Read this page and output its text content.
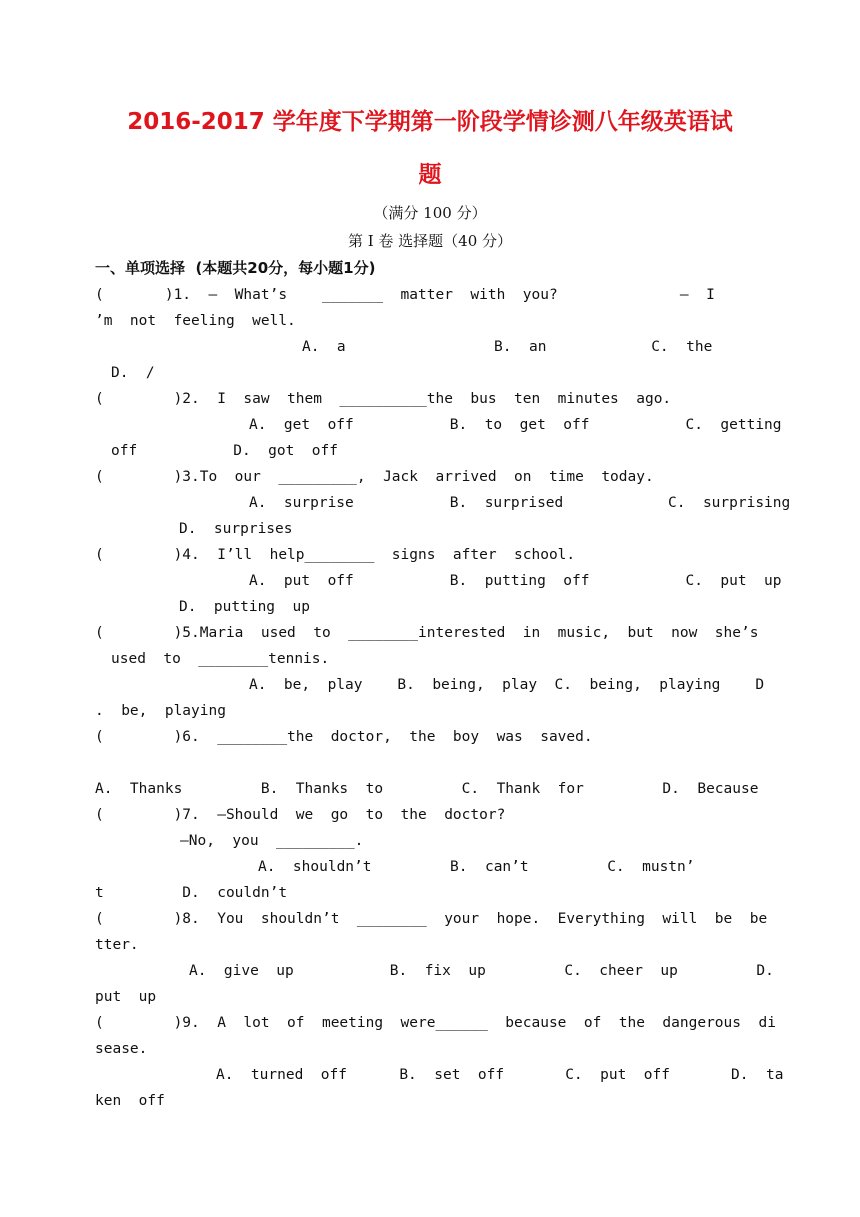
2016-2017 学年度下学期第一阶段学情诊测八年级英语试
题
（满分 100 分）
第 I 卷 选择题（40 分）
一、单项选择  (本题共20分，每小题1分)
(       )1.  —  What’s    _______  matter  with  you?              —  I
’m  not  feeling  well.
A.  a                 B.  an            C.  the
D.  /
(        )2.  I  saw  them  __________the  bus  ten  minutes  ago.
A.  get  off           B.  to  get  off           C.  getting
off           D.  got  off
(        )3.To  our  _________,  Jack  arrived  on  time  today.
A.  surprise           B.  surprised            C.  surprising
D.  surprises
(        )4.  I’ll  help________  signs  after  school.
A.  put  off           B.  putting  off           C.  put  up
D.  putting  up
(        )5.Maria  used  to  ________interested  in  music,  but  now  she’s
used  to  ________tennis.
A.  be,  play    B.  being,  play  C.  being,  playing    D
.  be,  playing
(        )6.  ________the  doctor,  the  boy  was  saved.
A.  Thanks         B.  Thanks  to         C.  Thank  for         D.  Because
(        )7.  —Should  we  go  to  the  doctor?
—No,  you  _________.
A.  shouldn’t         B.  can’t         C.  mustn’
t         D.  couldn’t
(        )8.  You  shouldn’t  ________  your  hope.  Everything  will  be  be
tter.
A.  give  up           B.  fix  up         C.  cheer  up         D.
put  up
(        )9.  A  lot  of  meeting  were______  because  of  the  dangerous  di
sease.
A.  turned  off      B.  set  off       C.  put  off       D.  ta
ken  off
